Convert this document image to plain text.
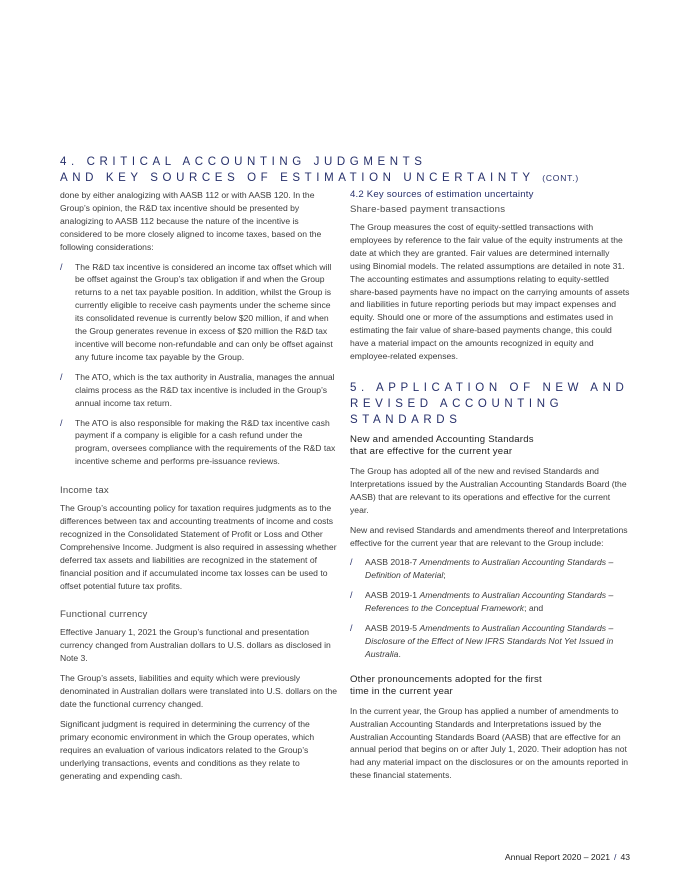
4. CRITICAL ACCOUNTING JUDGMENTS
AND KEY SOURCES OF ESTIMATION UNCERTAINTY (CONT.)

done by either analogizing with AASB 112 or with AASB 120. In the Group’s opinion, the R&D tax incentive should be presented by analogizing to AASB 112 because the nature of the incentive is considered to be more closely aligned to income taxes, based on the following considerations:

/ The R&D tax incentive is considered an income tax offset which will be offset against the Group’s tax obligation if and when the Group returns to a net tax payable position. In addition, whilst the Group is currently eligible to receive cash payments under the scheme since its consolidated revenue is currently below $20 million, if and when the Group generates revenue in excess of $20 million the R&D tax incentive will become non-refundable and can only be offset against any future income tax payable by the Group.
/ The ATO, which is the tax authority in Australia, manages the annual claims process as the R&D tax incentive is included in the Group’s annual income tax return.
/ The ATO is also responsible for making the R&D tax incentive cash payment if a company is eligible for a cash refund under the program, oversees compliance with the requirements of the R&D tax incentive scheme and performs pre-issuance reviews.
Income tax

The Group’s accounting policy for taxation requires judgments as to the differences between tax and accounting treatments of income and costs recognized in the Consolidated Statement of Profit or Loss and Other Comprehensive Income. Judgment is also required in assessing whether deferred tax assets and liabilities are recognized in the statement of financial position and if accumulated income tax losses can be used to offset potential future tax profits.

Functional currency

Effective January 1, 2021 the Group’s functional and presentation currency changed from Australian dollars to U.S. dollars as disclosed in Note 3.

The Group’s assets, liabilities and equity which were previously denominated in Australian dollars were translated into U.S. dollars on the date the functional currency changed.

Significant judgment is required in determining the currency of the primary economic environment in which the Group operates, which requires an evaluation of various indicators related to the Group’s underlying transactions, events and conditions as they relate to generating and expending cash.

4.2 Key sources of estimation uncertainty
Share-based payment transactions

The Group measures the cost of equity-settled transactions with employees by reference to the fair value of the equity instruments at the date at which they are granted. Fair values are determined internally using Binomial models. The related assumptions are detailed in note 31. The accounting estimates and assumptions relating to equity-settled share-based payments have no impact on the carrying amounts of assets and liabilities in future reporting periods but may impact expenses and equity. Should one or more of the assumptions and estimates used in estimating the fair value of share-based payments change, this could have a material impact on the amounts recognized in equity and employee-related expenses.

5. APPLICATION OF NEW AND
REVISED ACCOUNTING STANDARDS
New and amended Accounting Standards
that are effective for the current year

The Group has adopted all of the new and revised Standards and Interpretations issued by the Australian Accounting Standards Board (the AASB) that are relevant to its operations and effective for the current year.

New and revised Standards and amendments thereof and Interpretations effective for the current year that are relevant to the Group include:

/ AASB 2018-7 Amendments to Australian Accounting Standards – Definition of Material;
/ AASB 2019-1 Amendments to Australian Accounting Standards – References to the Conceptual Framework; and
/ AASB 2019-5 Amendments to Australian Accounting Standards – Disclosure of the Effect of New IFRS Standards Not Yet Issued in Australia.
Other pronouncements adopted for the first
time in the current year

In the current year, the Group has applied a number of amendments to Australian Accounting Standards and Interpretations issued by the Australian Accounting Standards Board (AASB) that are effective for an annual period that begins on or after July 1, 2020. Their adoption has not had any material impact on the disclosures or on the amounts reported in these financial statements.

Annual Report 2020 – 2021 / 43
